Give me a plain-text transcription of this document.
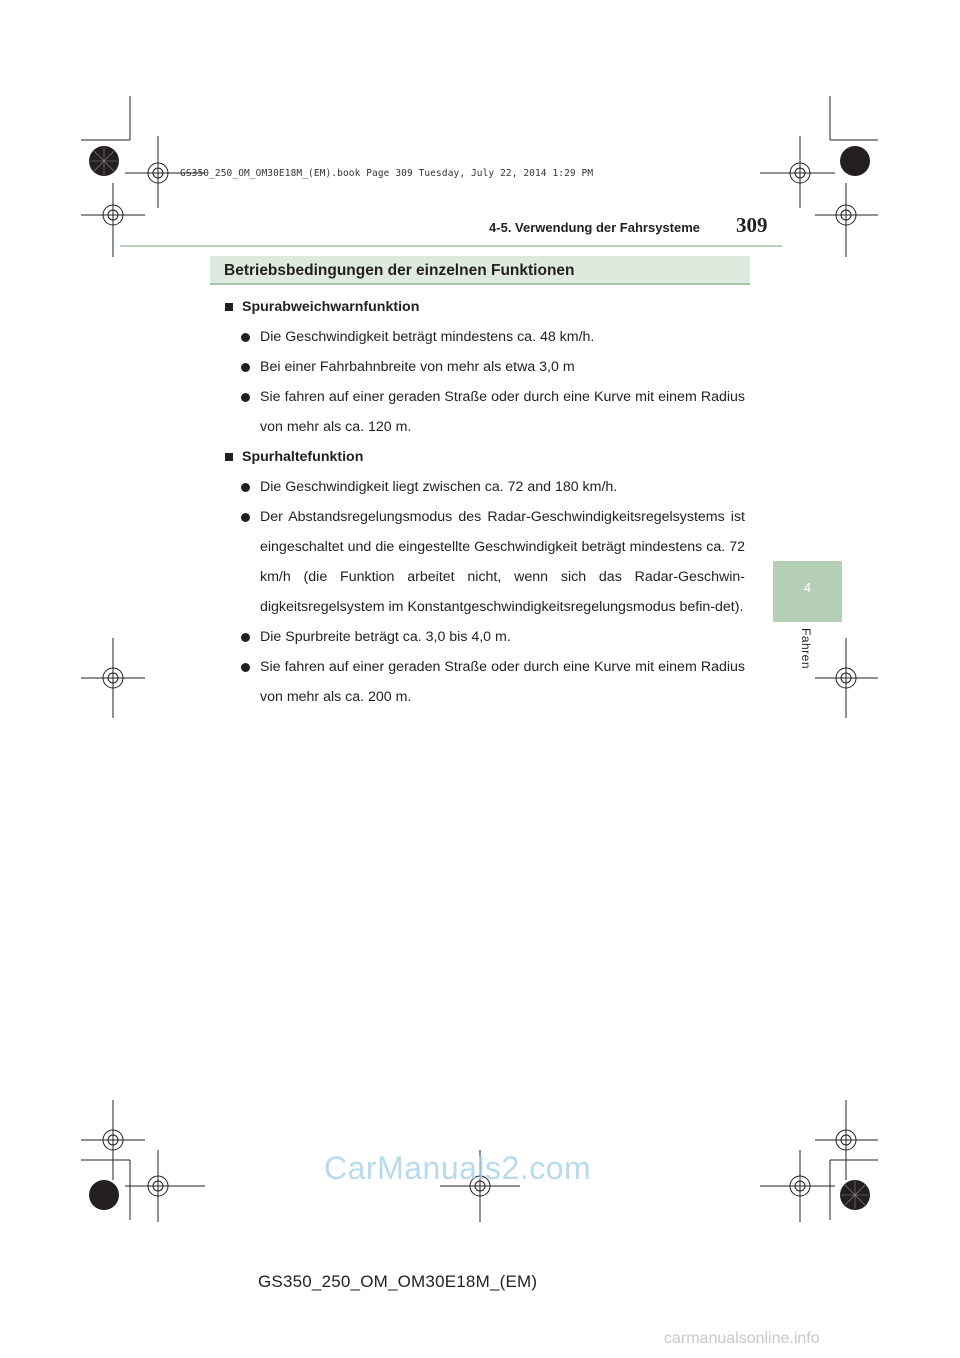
GS350_250_OM_OM30E18M_(EM).book Page 309 Tuesday, July 22, 2014 1:29 PM
4-5. Verwendung der Fahrsysteme 309
Betriebsbedingungen der einzelnen Funktionen
4
Fahren
Spurabweichwarnfunktion
Die Geschwindigkeit beträgt mindestens ca. 48 km/h.
Bei einer Fahrbahnbreite von mehr als etwa 3,0 m
Sie fahren auf einer geraden Straße oder durch eine Kurve mit einem Radius von mehr als ca. 120 m.
Spurhaltefunktion
Die Geschwindigkeit liegt zwischen ca. 72 and 180 km/h.
Der Abstandsregelungsmodus des Radar-Geschwindigkeitsregelsystems ist eingeschaltet und die eingestellte Geschwindigkeit beträgt mindestens ca. 72 km/h (die Funktion arbeitet nicht, wenn sich das Radar-Geschwin-digkeitsregelsystem im Konstantgeschwindigkeitsregelungsmodus befin-det).
Die Spurbreite beträgt ca. 3,0 bis 4,0 m.
Sie fahren auf einer geraden Straße oder durch eine Kurve mit einem Radius von mehr als ca. 200 m.
CarManuals2.com
GS350_250_OM_OM30E18M_(EM)
carmanualsonline.info
